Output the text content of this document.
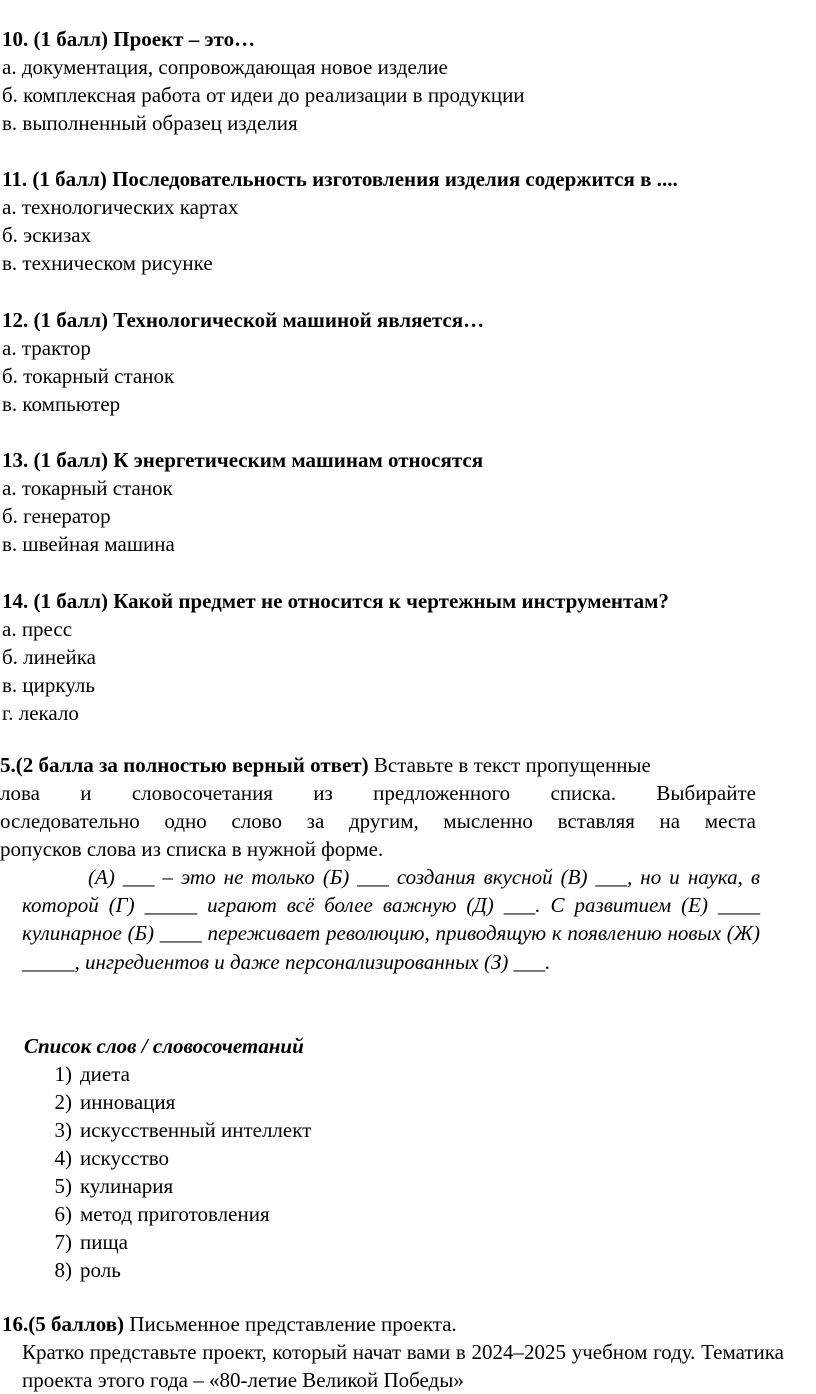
10. (1 балл) Проект – это…
а. документация, сопровождающая новое изделие
б. комплексная работа от идеи до реализации в продукции
в. выполненный образец изделия
11. (1 балл) Последовательность изготовления изделия содержится в ....
а. технологических картах
б. эскизах
в. техническом рисунке
12. (1 балл) Технологической машиной является…
а. трактор
б. токарный станок
в. компьютер
13. (1 балл) К энергетическим машинам относятся
а. токарный станок
б. генератор
в. швейная машина
14. (1 балл) Какой предмет не относится к чертежным инструментам?
а. пресс
б. линейка
в. циркуль
г. лекало
5.(2 балла за полностью верный ответ) Вставьте в текст пропущенные
лова и словосочетания из предложенного списка. Выбирайте
оследовательно одно слово за другим, мысленно вставляя на места
ропусков слова из списка в нужной форме.
(А) ___ – это не только (Б) ___ создания вкусной (В) ___, но и наука, в которой (Г) _____ играют всё более важную (Д) ___. С развитием (Е) ____ кулинарное (Б) ____ переживает революцию, приводящую к появлению новых (Ж) _____, ингредиентов и даже персонализированных (З) ___.
Список слов / словосочетаний
1) диета
2) инновация
3) искусственный интеллект
4) искусство
5) кулинария
6) метод приготовления
7) пища
8) роль
16.(5 баллов) Письменное представление проекта.
Кратко представьте проект, который начат вами в 2024–2025 учебном году. Тематика проекта этого года – «80-летие Великой Победы»
